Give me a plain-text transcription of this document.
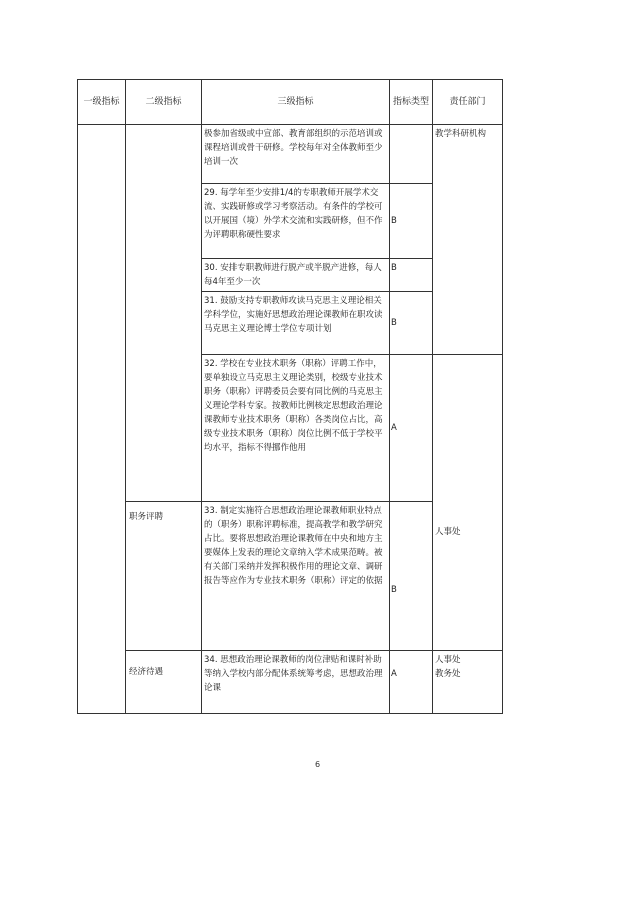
一级指标	二级指标	三级指标	指标类型	责任部门

		极参加省级或中宣部、教育部组织的示范培训或课程培训或骨干研修。学校每年对全体教师至少培训一次		教学科研机构

		29. 每学年至少安排1/4的专职教师开展学术交流、实践研修或学习考察活动。有条件的学校可以开展国（境）外学术交流和实践研修，但不作为评聘职称硬性要求	B	

		30. 安排专职教师进行脱产或半脱产进修，每人每4年至少一次	B	

		31. 鼓励支持专职教师攻读马克思主义理论相关学科学位，实施好思想政治理论课教师在职攻读马克思主义理论博士学位专项计划	B	

		32. 学校在专业技术职务（职称）评聘工作中，要单独设立马克思主义理论类别，校级专业技术职务（职称）评聘委员会要有同比例的马克思主义理论学科专家。按教师比例核定思想政治理论课教师专业技术职务（职称）各类岗位占比，高级专业技术职务（职称）岗位比例不低于学校平均水平，指标不得挪作他用	A	人事处

	职务评聘	33. 制定实施符合思想政治理论课教师职业特点的（职务）职称评聘标准，提高教学和教学研究占比。要将思想政治理论课教师在中央和地方主要媒体上发表的理论文章纳入学术成果范畴。被有关部门采纳并发挥积极作用的理论文章、调研报告等应作为专业技术职务（职称）评定的依据	B	

	经济待遇	34. 思想政治理论课教师的岗位津贴和课时补助等纳入学校内部分配体系统筹考虑，思想政治理论课	A	人事处
教务处
6
